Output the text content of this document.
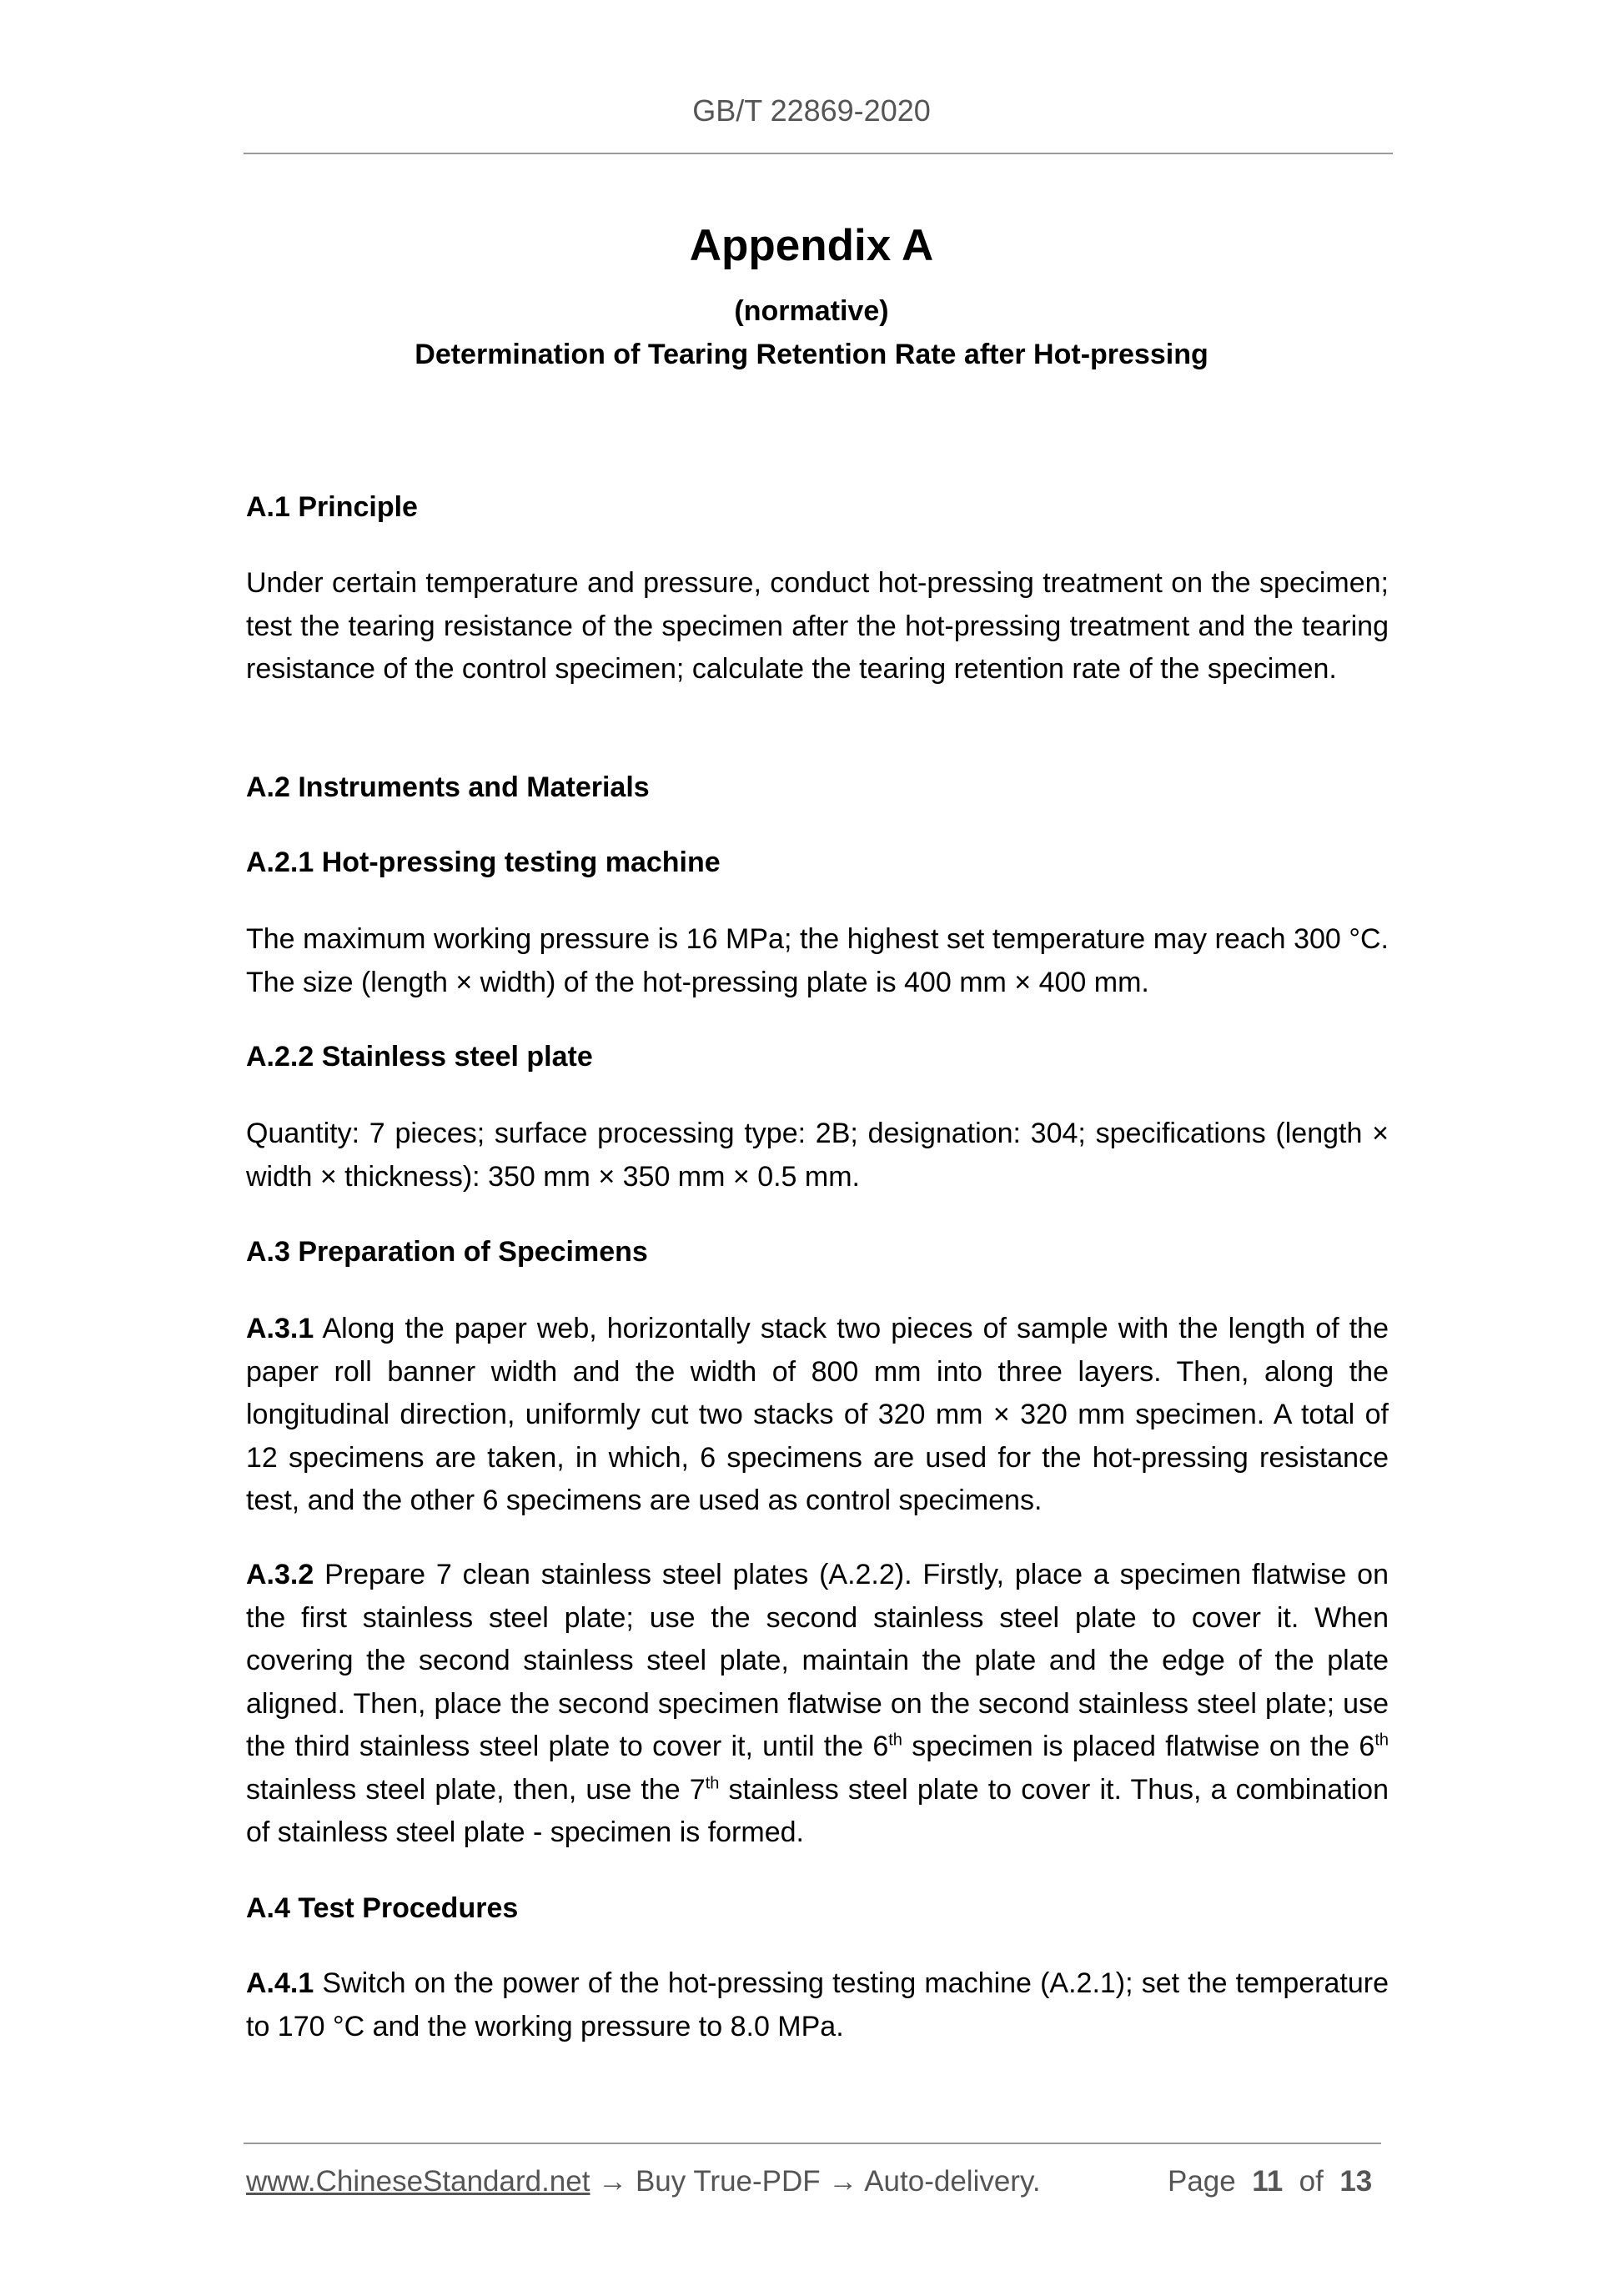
GB/T 22869-2020
Appendix A
(normative)
Determination of Tearing Retention Rate after Hot-pressing
A.1 Principle
Under certain temperature and pressure, conduct hot-pressing treatment on the specimen; test the tearing resistance of the specimen after the hot-pressing treatment and the tearing resistance of the control specimen; calculate the tearing retention rate of the specimen.
A.2 Instruments and Materials
A.2.1 Hot-pressing testing machine
The maximum working pressure is 16 MPa; the highest set temperature may reach 300 °C. The size (length × width) of the hot-pressing plate is 400 mm × 400 mm.
A.2.2 Stainless steel plate
Quantity: 7 pieces; surface processing type: 2B; designation: 304; specifications (length × width × thickness): 350 mm × 350 mm × 0.5 mm.
A.3 Preparation of Specimens
A.3.1 Along the paper web, horizontally stack two pieces of sample with the length of the paper roll banner width and the width of 800 mm into three layers. Then, along the longitudinal direction, uniformly cut two stacks of 320 mm × 320 mm specimen. A total of 12 specimens are taken, in which, 6 specimens are used for the hot-pressing resistance test, and the other 6 specimens are used as control specimens.
A.3.2 Prepare 7 clean stainless steel plates (A.2.2). Firstly, place a specimen flatwise on the first stainless steel plate; use the second stainless steel plate to cover it. When covering the second stainless steel plate, maintain the plate and the edge of the plate aligned. Then, place the second specimen flatwise on the second stainless steel plate; use the third stainless steel plate to cover it, until the 6th specimen is placed flatwise on the 6th stainless steel plate, then, use the 7th stainless steel plate to cover it. Thus, a combination of stainless steel plate - specimen is formed.
A.4 Test Procedures
A.4.1 Switch on the power of the hot-pressing testing machine (A.2.1); set the temperature to 170 °C and the working pressure to 8.0 MPa.
www.ChineseStandard.net → Buy True-PDF → Auto-delivery.	Page 11 of 13
